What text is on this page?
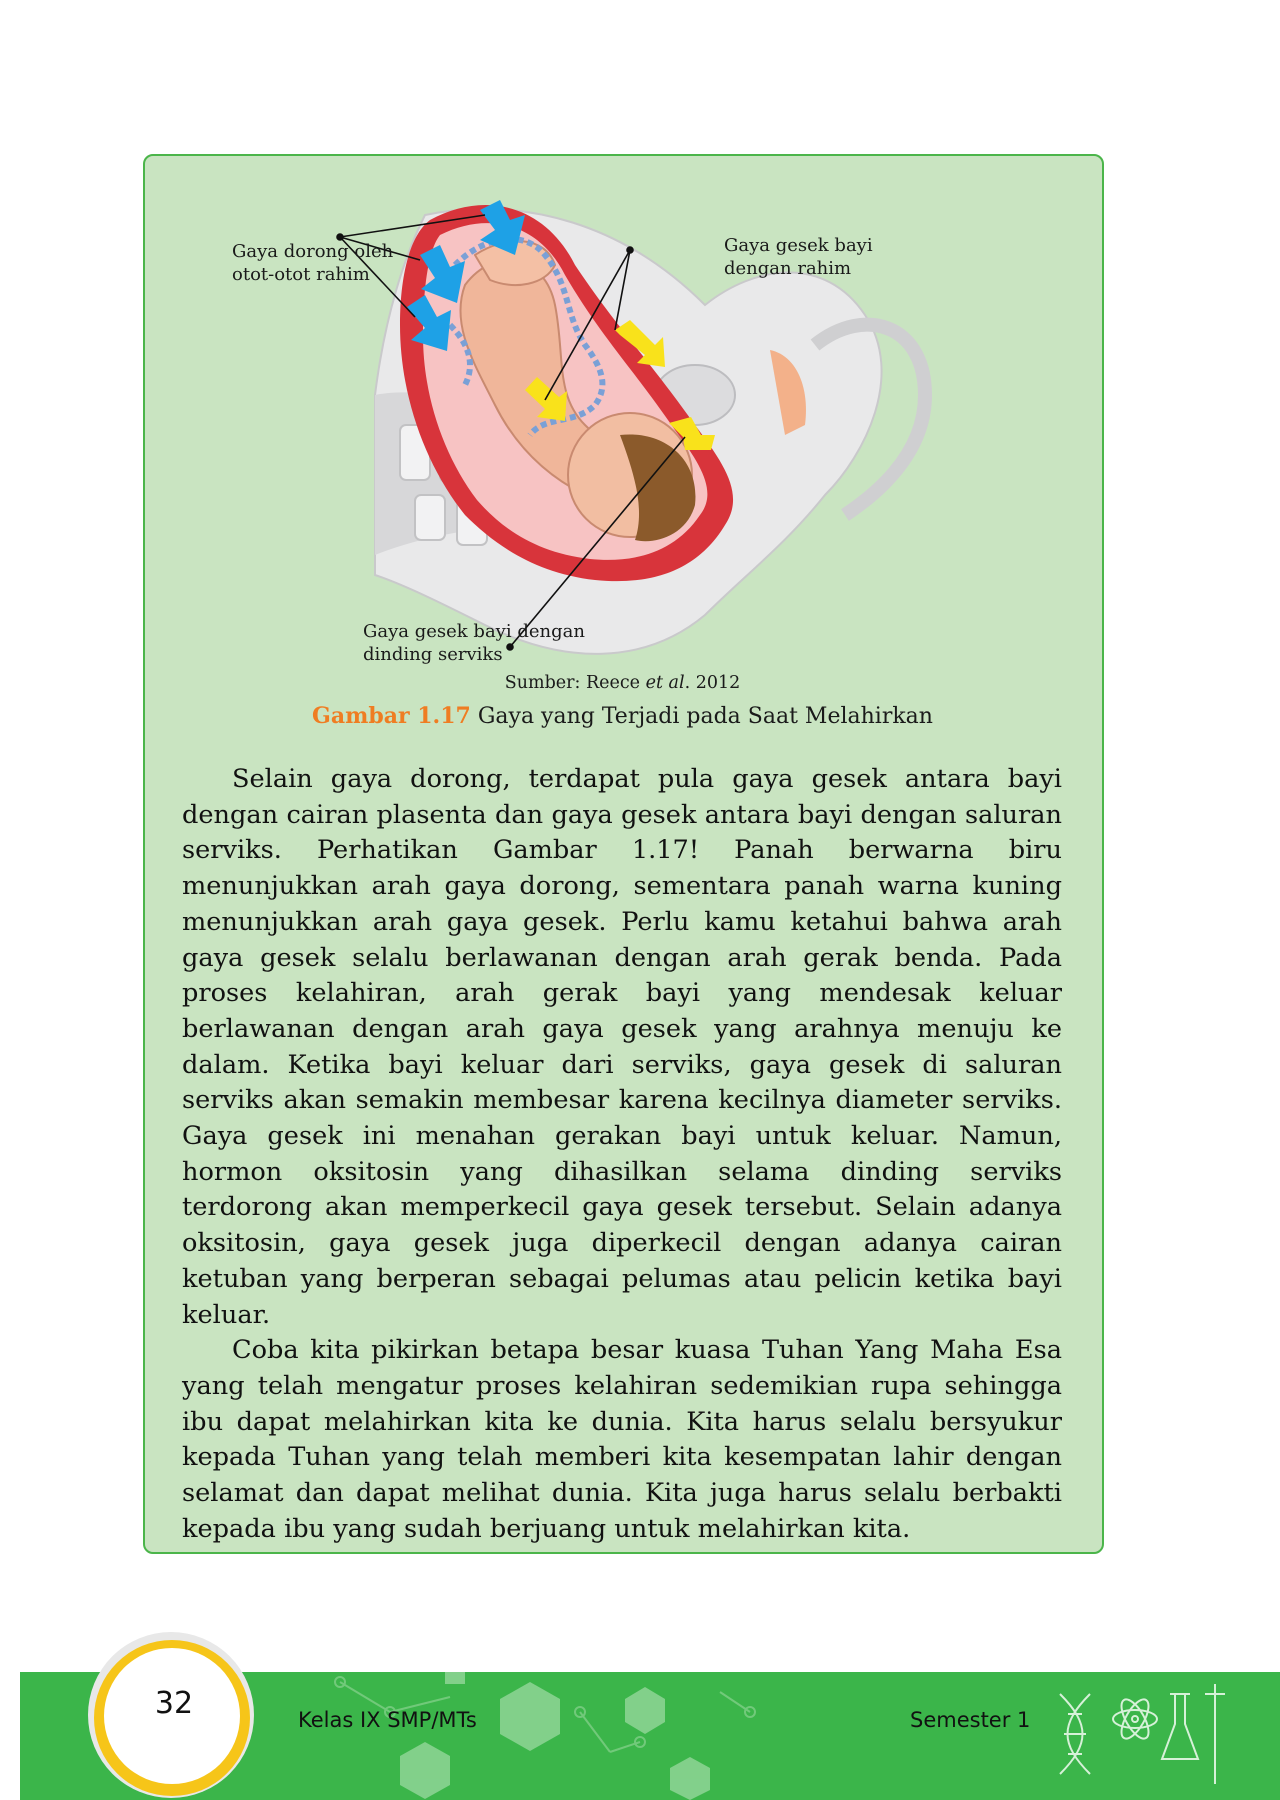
Gaya dorong oleh
otot-otot rahim
Gaya gesek bayi
dengan rahim
Gaya gesek bayi dengan
dinding serviks
Sumber: Reece et al. 2012
Gambar 1.17 Gaya yang Terjadi pada Saat Melahirkan

Selain gaya dorong, terdapat pula gaya gesek antara bayi dengan cairan plasenta dan gaya gesek antara bayi dengan saluran serviks. Perhatikan Gambar 1.17! Panah berwarna biru menunjukkan arah gaya dorong, sementara panah warna kuning menunjukkan arah gaya gesek. Perlu kamu ketahui bahwa arah gaya gesek selalu berlawanan dengan arah gerak benda. Pada proses kelahiran, arah gerak bayi yang mendesak keluar berlawanan dengan arah gaya gesek yang arahnya menuju ke dalam. Ketika bayi keluar dari serviks, gaya gesek di saluran serviks akan semakin membesar karena kecilnya diameter serviks. Gaya gesek ini menahan gerakan bayi untuk keluar. Namun, hormon oksitosin yang dihasilkan selama dinding serviks terdorong akan memperkecil gaya gesek tersebut. Selain adanya oksitosin, gaya gesek juga diperkecil dengan adanya cairan ketuban yang berperan sebagai pelumas atau pelicin ketika bayi keluar.

Coba kita pikirkan betapa besar kuasa Tuhan Yang Maha Esa yang telah mengatur proses kelahiran sedemikian rupa sehingga ibu dapat melahirkan kita ke dunia. Kita harus selalu bersyukur kepada Tuhan yang telah memberi kita kesempatan lahir dengan selamat dan dapat melihat dunia. Kita juga harus selalu berbakti kepada ibu yang sudah berjuang untuk melahirkan kita.

32	Kelas IX SMP/MTs	Semester 1
